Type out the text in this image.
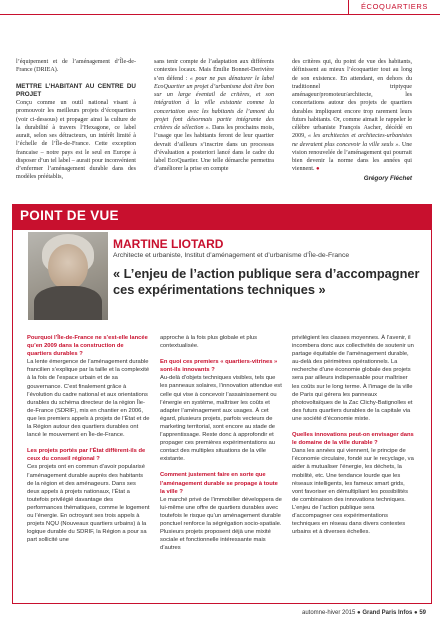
ÉCOQUARTIERS

l’équipement et de l’aménagement d’Île-de-France (DRIEA).

METTRE L’HABITANT AU CENTRE DU PROJET

Conçu comme un outil national visant à promouvoir les meilleurs projets d’écoquartiers (voir ci-dessous) et propager ainsi la culture de la durabilité à travers l’Hexagone, ce label aurait, selon ses détracteurs, un intérêt limité à l’échelle de l’Île-de-France. Cette exception francaise – notre pays est le seul en Europe à disposer d’un tel label – aurait pour inconvénient d’enfermer l’aménagement durable dans des modèles préétablis,

sans tenir compte de l’adaptation aux différents contextes locaux. Mais Émilie Bonnet-Derivière s’en défend : « pour ne pas dénaturer le label EcoQuartier un projet d’urbanisme doit être bon sur un large éventail de critères, et son intégration à la ville existante comme la concertation avec les habitants de l’amont du projet font désormais partie intégrante des critères de sélection ». Dans les prochains mois, l’usage que les habitants feront de leur quartier devrait d’ailleurs s’inscrire dans un processus d’évaluation a posteriori lancé dans le cadre du label EcoQuartier. Une telle démarche permettra d’améliorer la prise en compte

des critères qui, du point de vue des habitants, définissent au mieux l’écoquartier tout au long de son existence. En attendant, en dehors du traditionnel triptyque aménageur/promoteur/architecte, les concertations autour des projets de quartiers durables impliquent encore trop rarement leurs futurs habitants. Or, comme aimait le rappeler le célèbre urbaniste François Ascher, décédé en 2009, « les architectes et architectes-urbanistes ne devraient plus concevoir la ville seuls ». Une vision renouvelée de l’aménagement qui pourrait bien devenir la norme dans les années qui viennent. ●

Grégory Fléchet
POINT DE VUE
MARTINE LIOTARD
Architecte et urbaniste, Institut d’aménagement et d’urbanisme d’Île-de-France
« L’enjeu de l’action publique sera d’accompagner ces expérimentations techniques »
Pourquoi l’Île-de-France ne s’est-elle lancée qu’en 2009 dans la construction de quartiers durables ?
La lente émergence de l’aménagement durable francilien s’explique par la taille et la complexité à la fois de l’espace urbain et de sa gouvernance. C’est finalement grâce à l’évolution du cadre national et aux orientations durables du schéma directeur de la région Île-de-France (SDRIF), mis en chantier en 2006, que les premiers appels à projets de l’État et de la Région autour des quartiers durables ont lancé le mouvement en Île-de-France.
Les projets portés par l’État diffèrent-ils de ceux du conseil régional ?
Ces projets ont en commun d’avoir popularisé l’aménagement durable auprès des habitants de la région et des aménageurs. Dans ses deux appels à projets nationaux, l’État a toutefois privilégié davantage des performances thématiques, comme le logement ou l’énergie. En octroyant ses trois appels à projets NQU (Nouveaux quartiers urbains) à la logique durable du SDRIF, la Région a pour sa part sollicité une
approche à la fois plus globale et plus contextualisée.
En quoi ces premiers « quartiers-vitrines » sont-ils innovants ?
Au-delà d’objets techniques visibles, tels que les panneaux solaires, l’innovation attendue est celle qui vise à concevoir l’assainissement ou l’énergie en système, maîtriser les coûts et adapter l’aménagement aux usages. À cet égard, plusieurs projets, parfois vecteurs de marketing territorial, sont encore au stade de l’apprentissage. Reste donc à approfondir et propager ces premières expérimentations au contact des multiples situations de la ville existante.
Comment justement faire en sorte que l’aménagement durable se propage à toute la ville ?
Le marché privé de l’immobilier développera de lui-même une offre de quartiers durables avec toutefois le risque qu’un aménagement durable ponctuel renforce la ségrégation socio-spatiale. Plusieurs projets proposent déjà une mixité sociale et fonctionnelle intéressante mais d’autres
privilégient les classes moyennes. À l’avenir, il incombera donc aux collectivités de soutenir un partage équitable de l’aménagement durable, au-delà des périmètres opérationnels. La recherche d’une économie globale des projets sera par ailleurs indispensable pour maîtriser les coûts sur le long terme. À l’image de la ville de Paris qui gérera les panneaux photovoltaïques de la Zac Clichy-Batignolles et des futurs quartiers durables de la capitale via une société d’économie mixte.
Quelles innovations peut-on envisager dans le domaine de la ville durable ?
Dans les années qui viennent, le principe de l’économie circulaire, fondé sur le recyclage, va aider à mutualiser l’énergie, les déchets, la mobilité, etc. Une tendance lourde que les réseaux intelligents, les fameux smart grids, vont favoriser en démultipliant les possibilités de combinaison des innovations techniques. L’enjeu de l’action publique sera d’accompagner ces expérimentations techniques en réseau dans divers contextes urbains et à diverses échelles.
automne-hiver 2015 ● Grand Paris Infos ● 59
